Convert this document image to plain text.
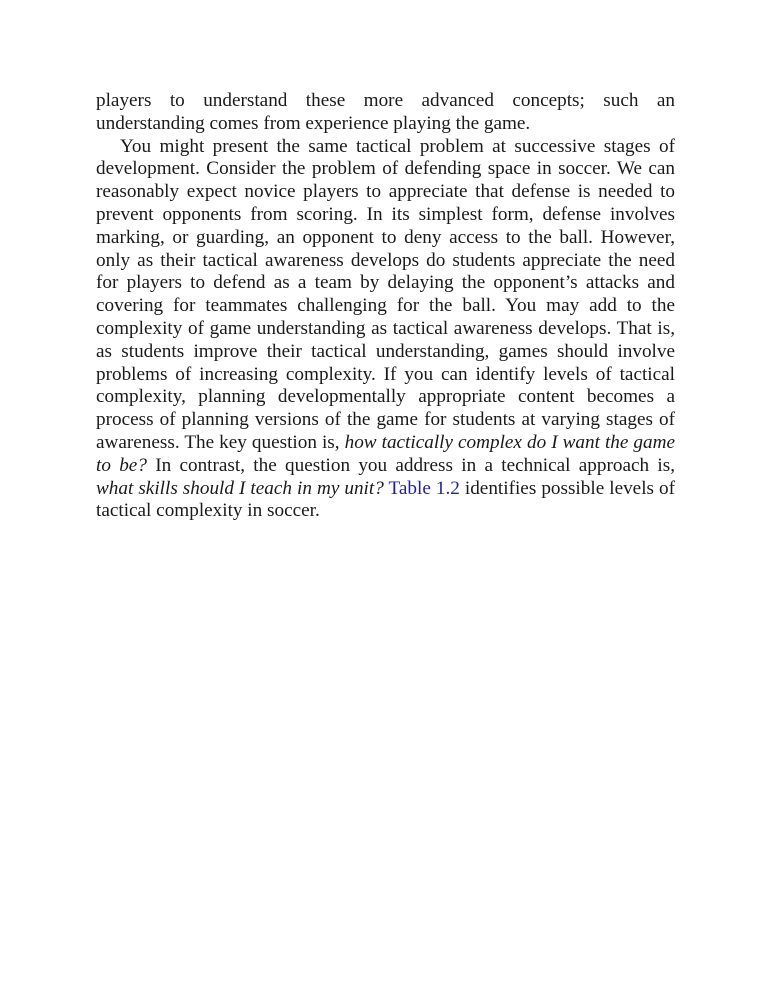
players to understand these more advanced concepts; such an understanding comes from experience playing the game.

You might present the same tactical problem at successive stages of development. Consider the problem of defending space in soccer. We can reasonably expect novice players to appreciate that defense is needed to prevent opponents from scoring. In its simplest form, defense involves marking, or guarding, an opponent to deny access to the ball. However, only as their tactical awareness develops do students appreciate the need for players to defend as a team by delaying the opponent’s attacks and covering for teammates challenging for the ball. You may add to the complexity of game understanding as tactical awareness develops. That is, as students improve their tactical understanding, games should involve problems of increasing complexity. If you can identify levels of tactical complexity, planning developmentally appropriate content becomes a process of planning versions of the game for students at varying stages of awareness. The key question is, how tactically complex do I want the game to be? In contrast, the question you address in a technical approach is, what skills should I teach in my unit? Table 1.2 identifies possible levels of tactical complexity in soccer.
